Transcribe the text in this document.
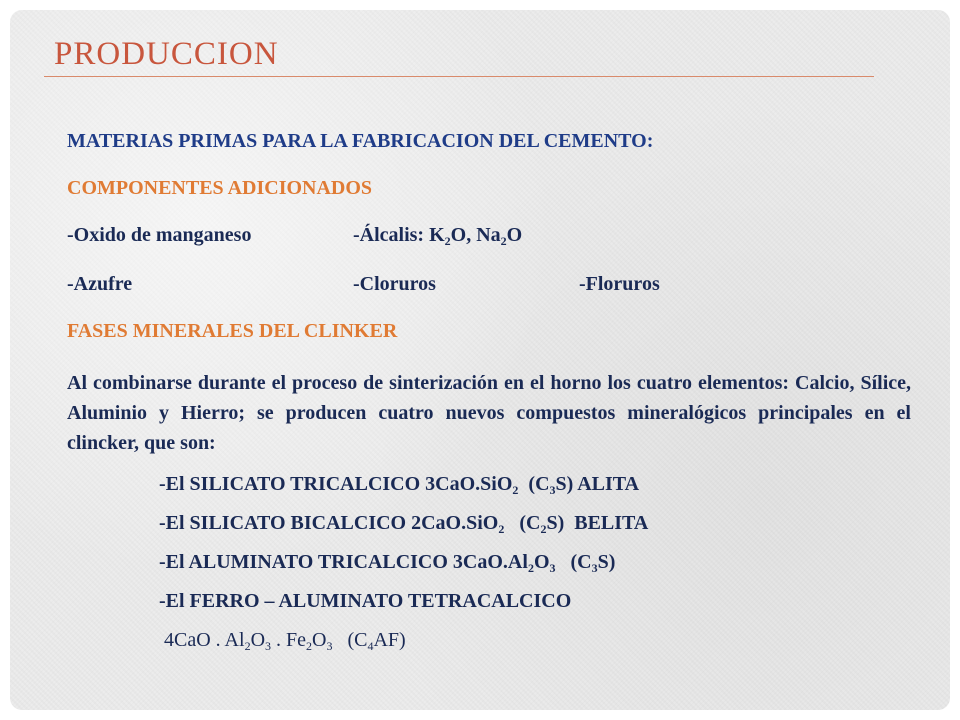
PRODUCCION
MATERIAS PRIMAS PARA LA FABRICACION DEL CEMENTO:
COMPONENTES ADICIONADOS
-Oxido de manganeso	-Álcalis: $K_2O$, $Na_2O$
-Azufre	-Cloruros	-Floruros
FASES MINERALES DEL CLINKER

Al combinarse durante el proceso de sinterización en el horno los cuatro elementos: Calcio, Sílice, Aluminio y Hierro; se producen cuatro nuevos compuestos mineralógicos principales en el clincker, que son:

-El SILICATO TRICALCICO 3CaO.SiO$_2$  $(C_3S)$ ALITA
-El SILICATO BICALCICO 2CaO.SiO$_2$   $(C_2S)$  BELITA
-El ALUMINATO TRICALCICO $3CaO.Al_2O_3$   $(C_3S)$
-El FERRO – ALUMINATO TETRACALCICO
4CaO . $Al_2O_3$ . $Fe_2O_3$   $(C_4AF)$
